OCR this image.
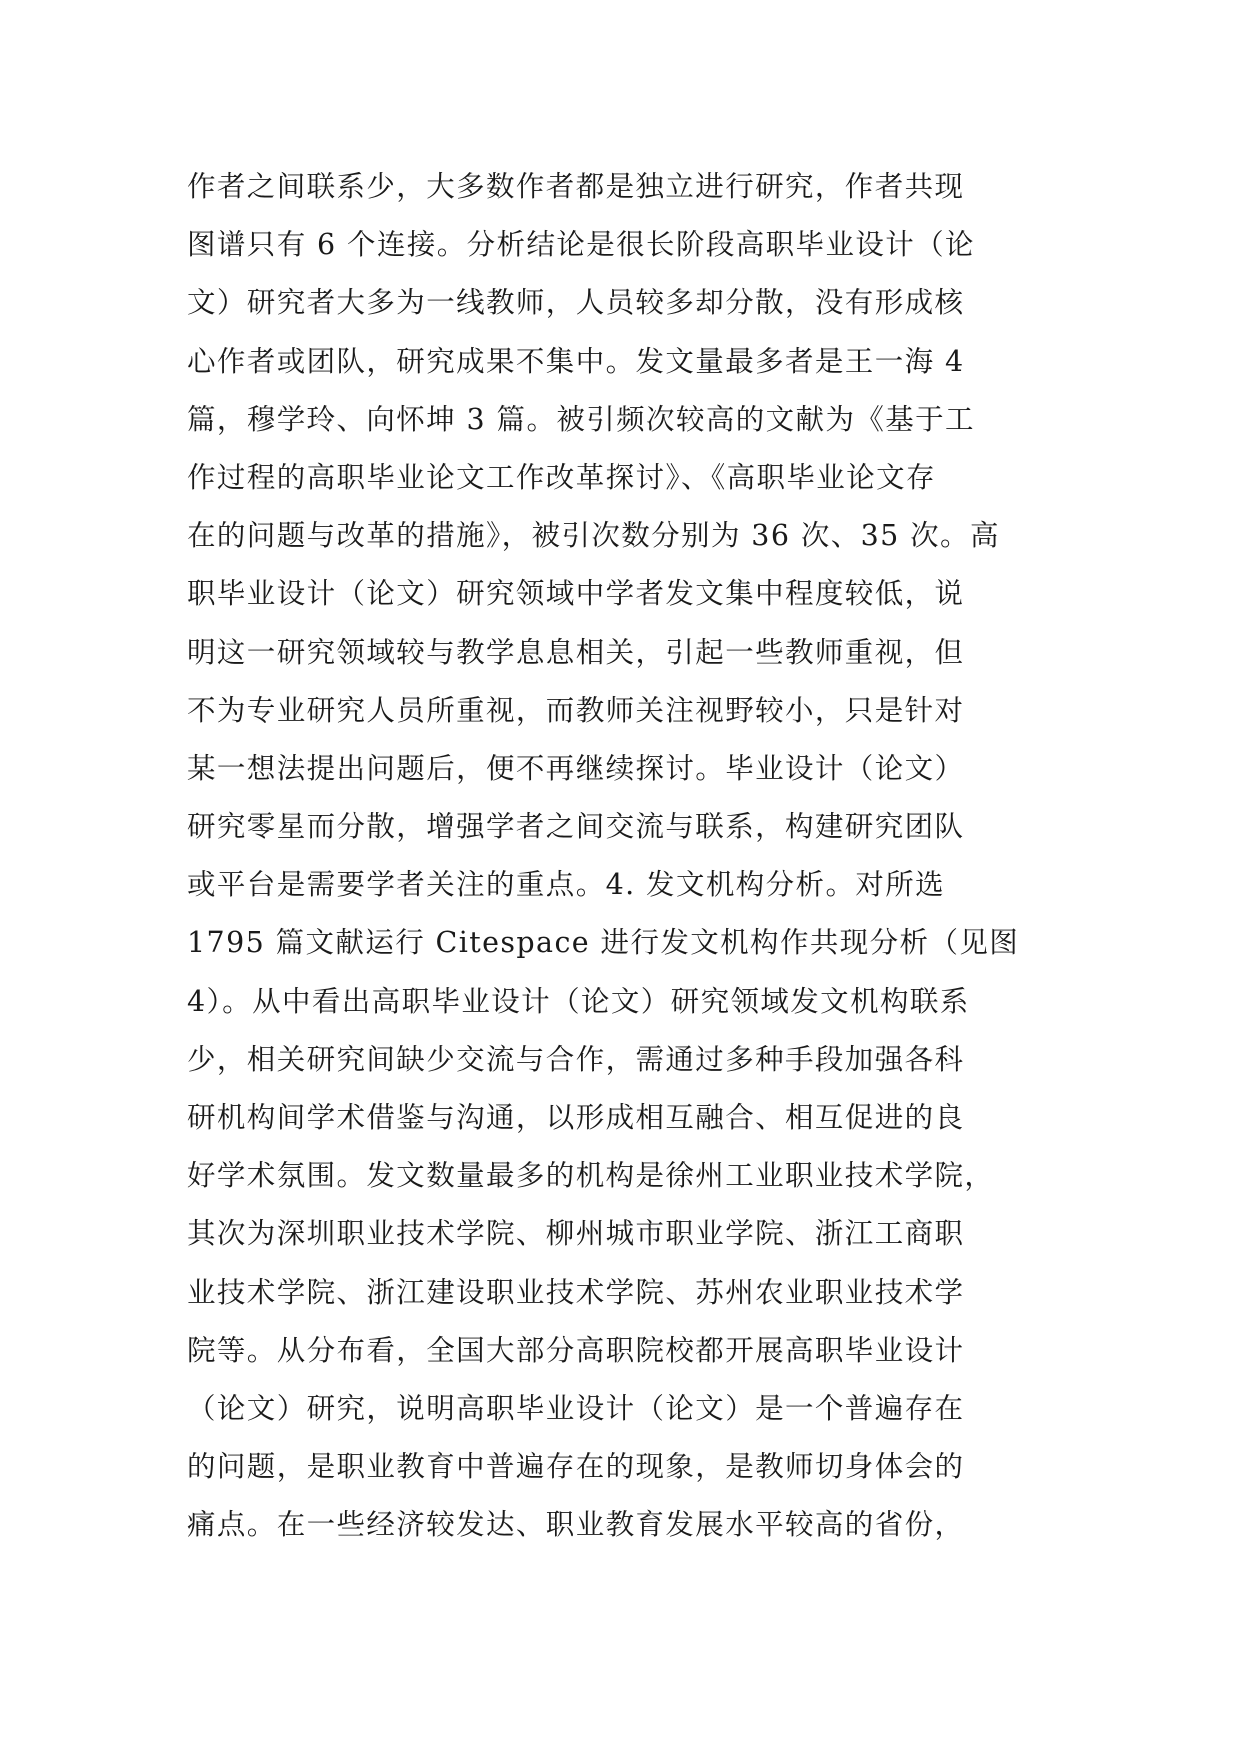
作者之间联系少，大多数作者都是独立进行研究，作者共现
图谱只有 6 个连接。分析结论是很长阶段高职毕业设计（论
文）研究者大多为一线教师，人员较多却分散，没有形成核
心作者或团队，研究成果不集中。发文量最多者是王一海 4
篇，穆学玲、向怀坤 3 篇。被引频次较高的文献为《基于工
作过程的高职毕业论文工作改革探讨》、《高职毕业论文存
在的问题与改革的措施》，被引次数分别为 36 次、35 次。高
职毕业设计（论文）研究领域中学者发文集中程度较低，说
明这一研究领域较与教学息息相关，引起一些教师重视，但
不为专业研究人员所重视，而教师关注视野较小，只是针对
某一想法提出问题后，便不再继续探讨。毕业设计（论文）
研究零星而分散，增强学者之间交流与联系，构建研究团队
或平台是需要学者关注的重点。4. 发文机构分析。对所选
1795 篇文献运行 Citespace 进行发文机构作共现分析（见图
4）。从中看出高职毕业设计（论文）研究领域发文机构联系
少，相关研究间缺少交流与合作，需通过多种手段加强各科
研机构间学术借鉴与沟通，以形成相互融合、相互促进的良
好学术氛围。发文数量最多的机构是徐州工业职业技术学院，
其次为深圳职业技术学院、柳州城市职业学院、浙江工商职
业技术学院、浙江建设职业技术学院、苏州农业职业技术学
院等。从分布看，全国大部分高职院校都开展高职毕业设计
（论文）研究，说明高职毕业设计（论文）是一个普遍存在
的问题，是职业教育中普遍存在的现象，是教师切身体会的
痛点。在一些经济较发达、职业教育发展水平较高的省份，
